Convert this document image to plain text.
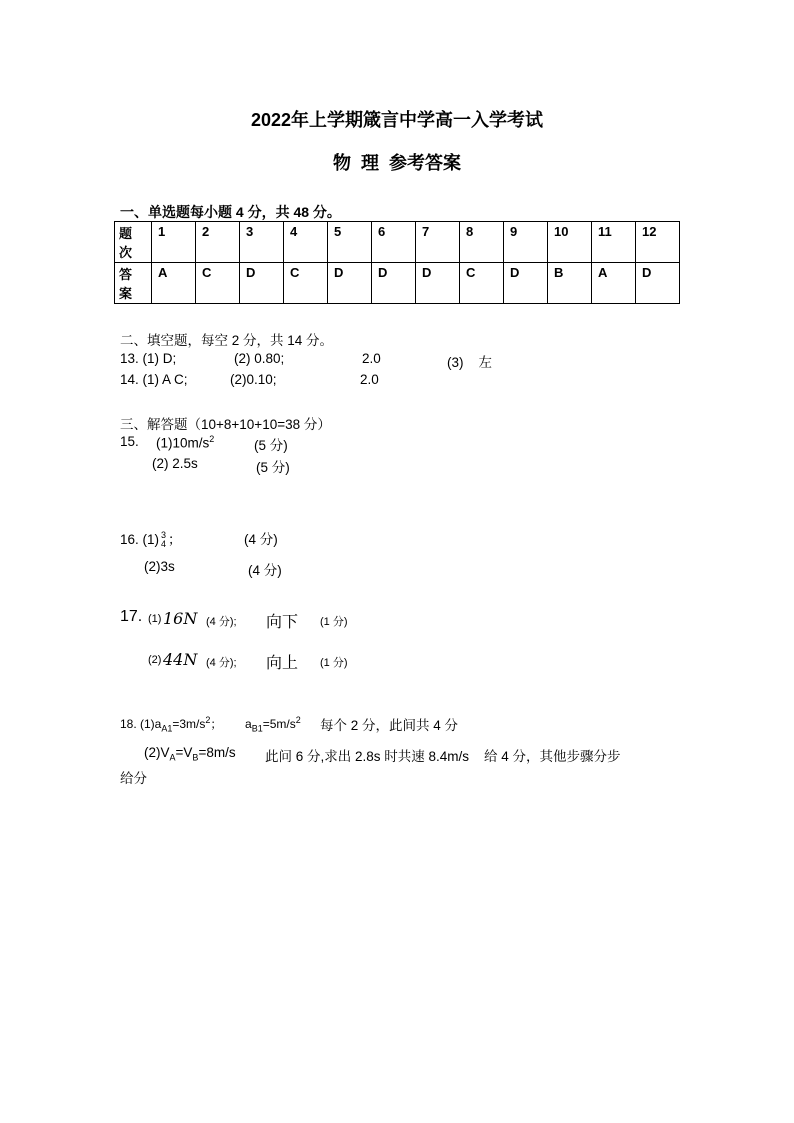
2022年上学期箴言中学高一入学考试
物  理  参考答案
一、单选题每小题 4 分，共 48 分。
题
次	1	2	3	4	5	6	7	8	9	10	11	12
答
案	A	C	D	C	D	D	D	C	D	B	A	D
二、填空题，每空 2 分，共 14 分。
13. (1) D;	(2) 0.80;	2.0	(3)    左
14. (1) A C;	(2)0.10;	2.0
三、解答题（10+8+10+10=38 分）
15. $(1)10m/s^2$	(5 分)
(2) 2.5s	(5 分)
16. (1) 3
4 ；	(4 分)
(2)3s	(4 分)
17. (1) 16N (4 分); 向下 (1 分)
(2) 44N (4 分); 向上 (1 分)
18. $(1)a_{A1}=3m/s^2$； $a_{B1}=5m/s^2$ 每个 2 分，此间共 4 分
$(2)V_A=V_B=8m/s$ 此问 6 分,求出 2.8s 时共速 8.4m/s    给 4 分，其他步骤分步
给分
